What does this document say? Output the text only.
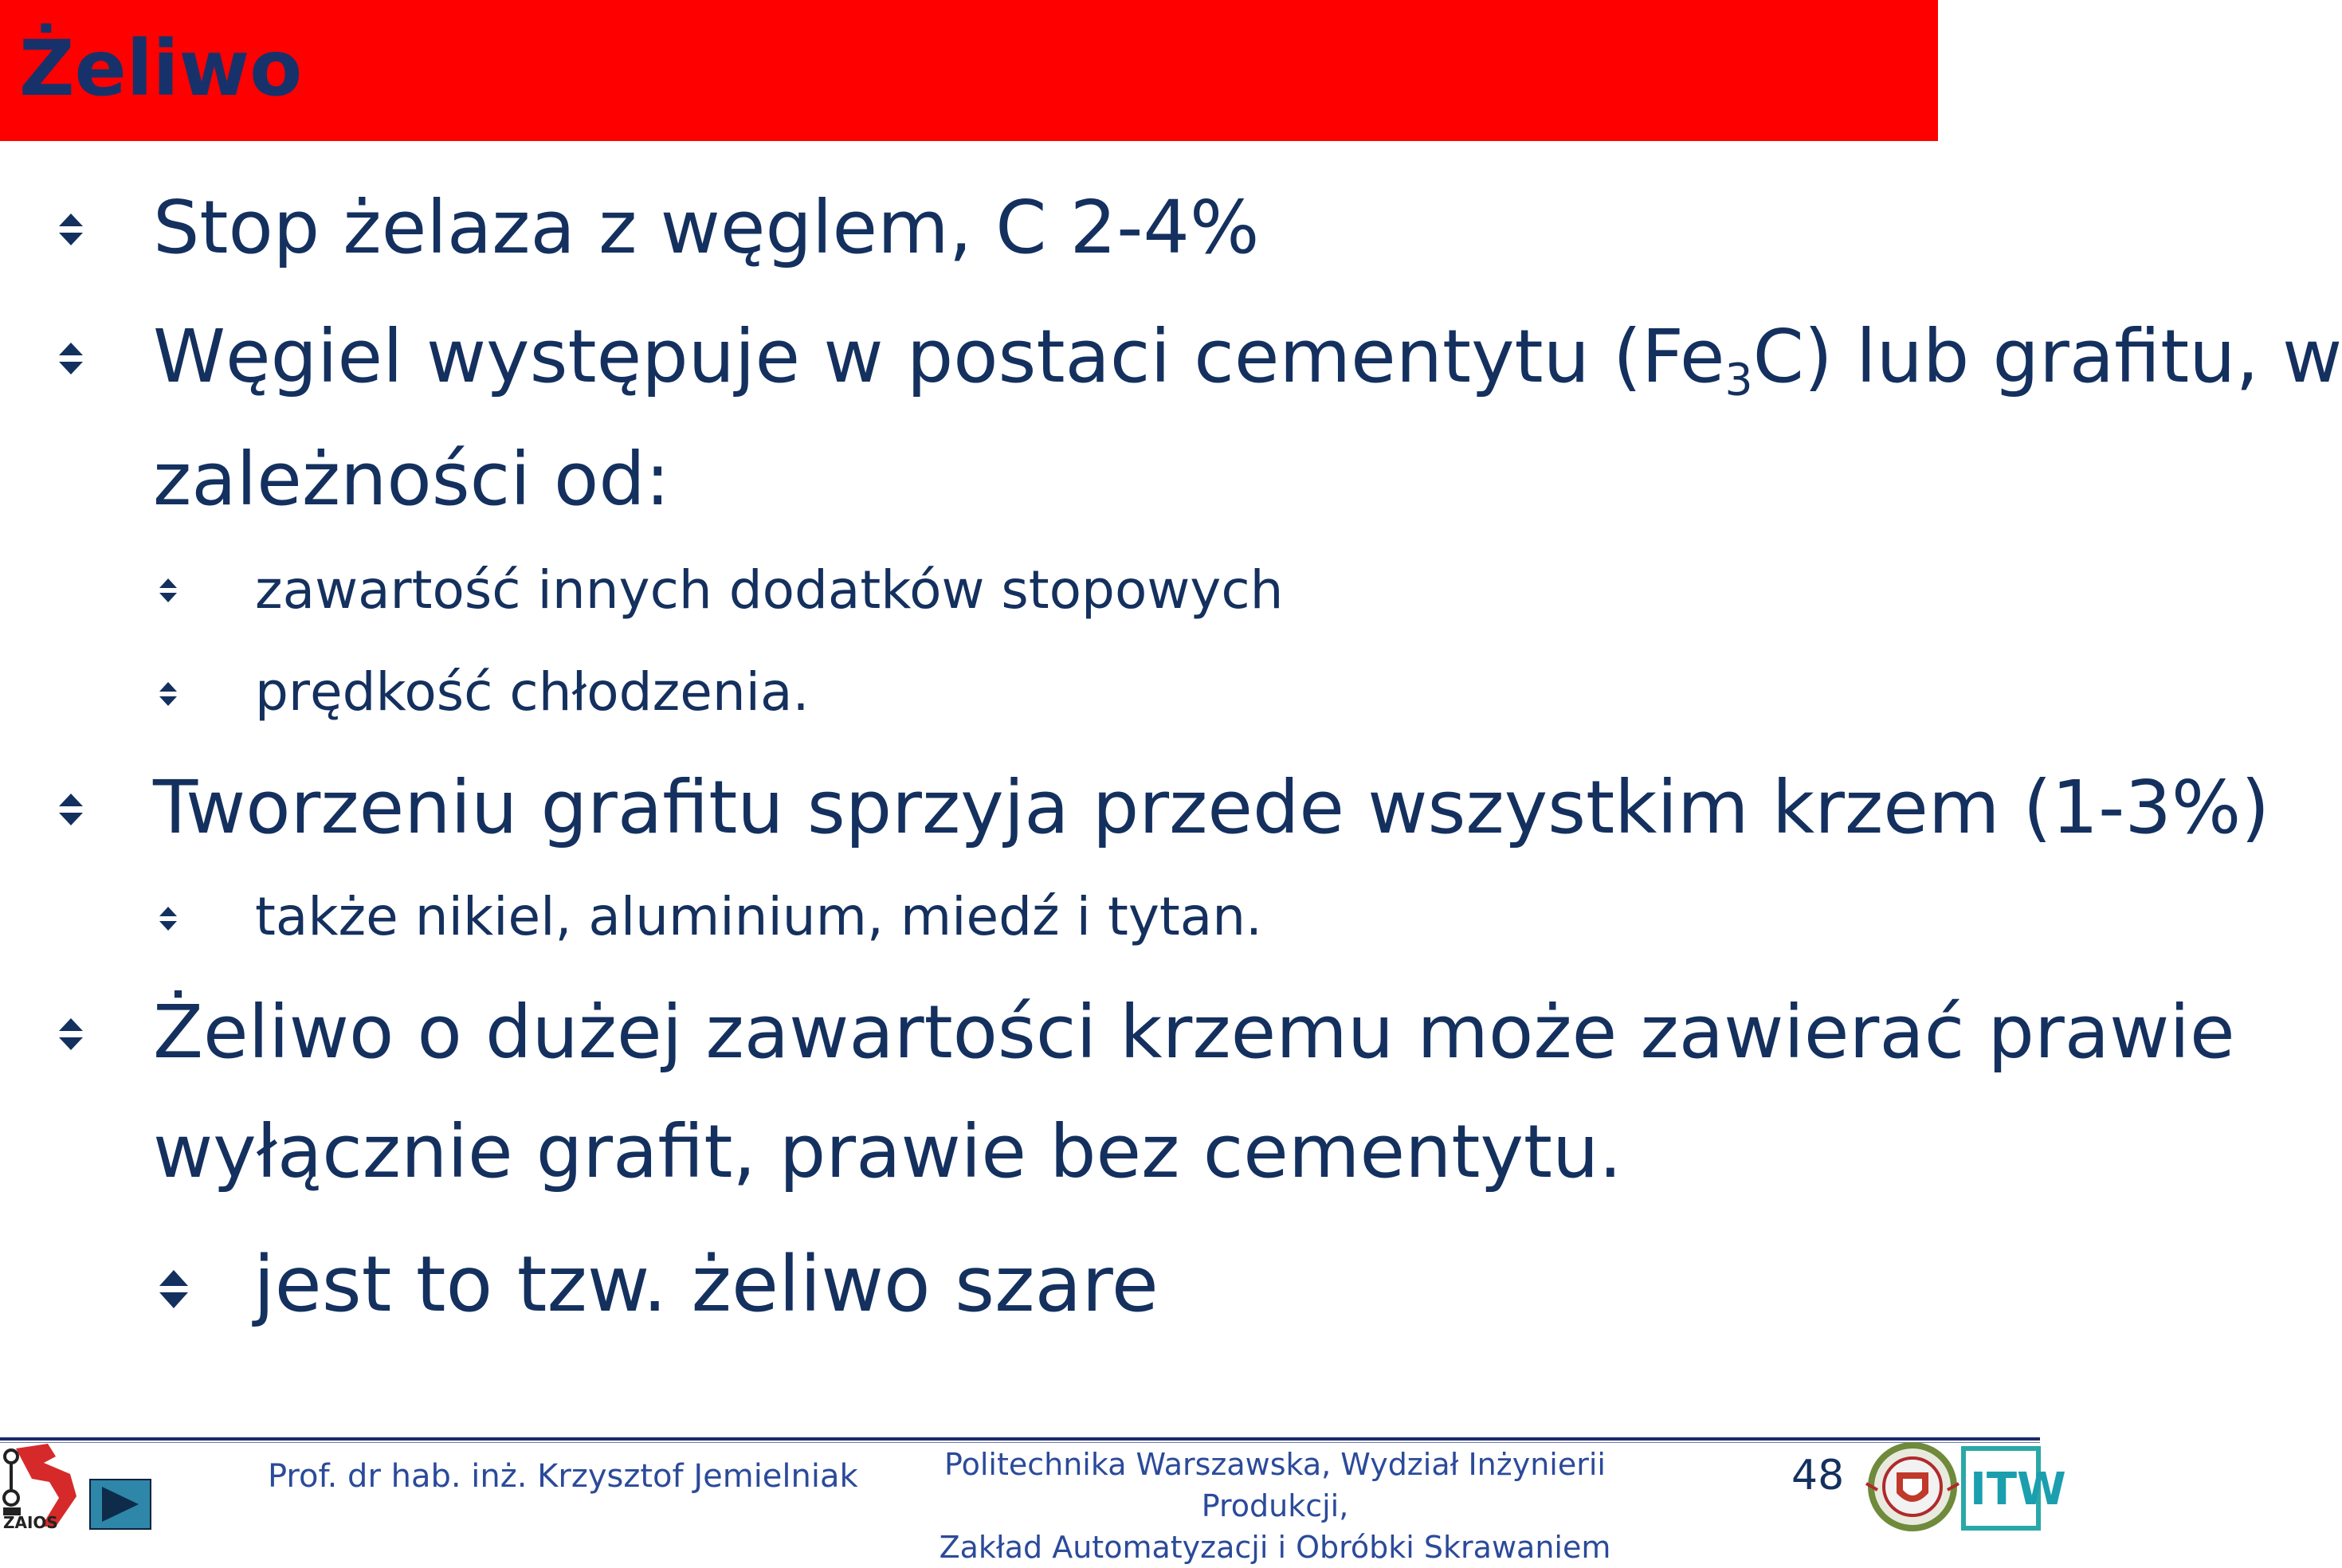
Żeliwo

Stop żelaza z węglem, C 2-4%

Węgiel występuje w postaci cementytu $(Fe_3C)$ lub grafitu, w

zależności od:

zawartość innych dodatków stopowych

prędkość chłodzenia.

Tworzeniu grafitu sprzyja przede wszystkim krzem (1-3%)

także nikiel, aluminium, miedź i tytan.

Żeliwo o dużej zawartości krzemu może zawierać prawie

wyłącznie grafit, prawie bez cementytu.

jest to tzw. żeliwo szare

ZAIOS

Prof. dr hab. inż. Krzysztof Jemielniak	Politechnika Warszawska, Wydział Inżynierii Produkcji,
Zakład Automatyzacji i Obróbki Skrawaniem

48	ITW
